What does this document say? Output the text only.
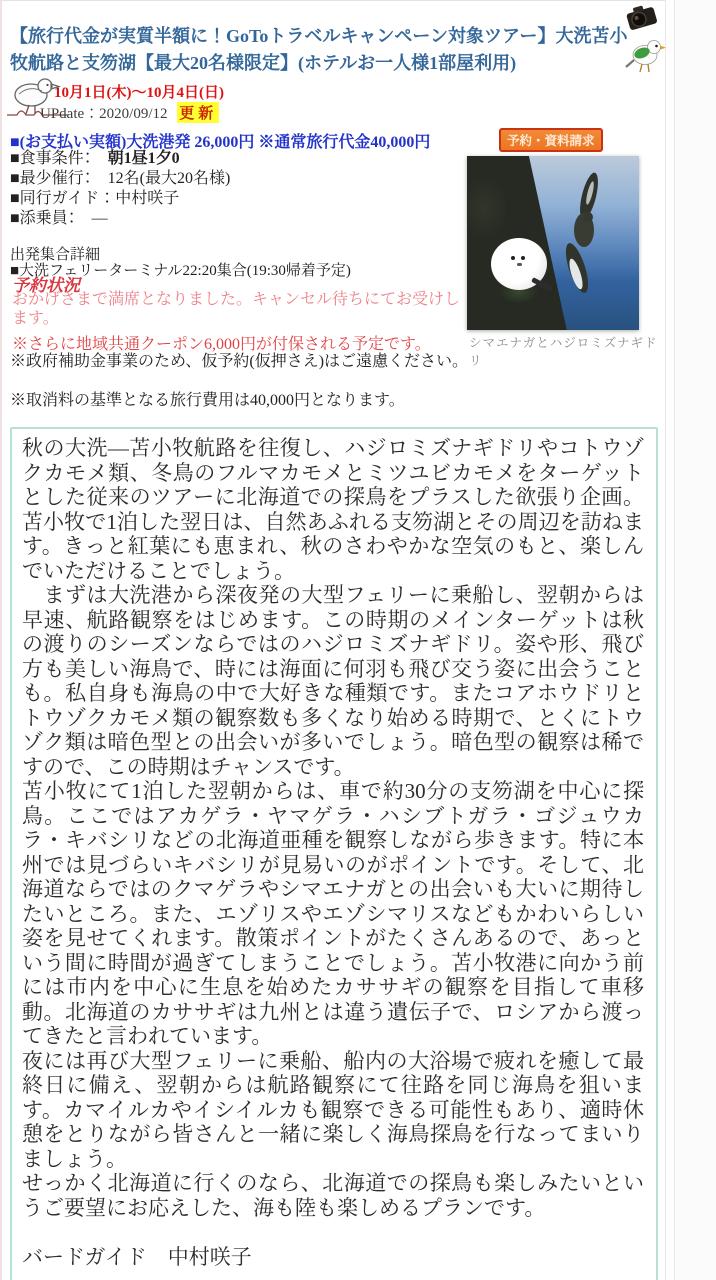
【旅行代金が実質半額に！GoToトラベルキャンペーン対象ツアー】大洗苫小牧航路と支笏湖【最大20名様限定】(ホテルお一人様1部屋利用)
10月1日(木)～10月4日(日)
UPdate：2020/09/12 更新
■(お支払い実額)大洗港発 26,000円 ※通常旅行代金40,000円
■食事条件：　朝1昼1夕0
■最少催行：　12名(最大20名様)
■同行ガイド：中村咲子
■添乗員：　―
出発集合詳細
■大洗フェリーターミナル22:20集合(19:30帰着予定)
予約状況
おかげさまで満席となりました。キャンセル待ちにてお受けします。
※さらに地域共通クーポン6,000円が付保される予定です。
※政府補助金事業のため、仮予約(仮押さえ)はご遠慮ください。
※取消料の基準となる旅行費用は40,000円となります。
予約・資料請求
シマエナガとハジロミズナギドリ

秋の大洗—苫小牧航路を往復し、ハジロミズナギドリやコトウゾクカモメ類、冬鳥のフルマカモメとミツユビカモメをターゲットとした従来のツアーに北海道での探鳥をプラスした欲張り企画。苫小牧で1泊した翌日は、自然あふれる支笏湖とその周辺を訪ねます。きっと紅葉にも恵まれ、秋のさわやかな空気のもと、楽しんでいただけることでしょう。

　まずは大洗港から深夜発の大型フェリーに乗船し、翌朝からは早速、航路観察をはじめます。この時期のメインターゲットは秋の渡りのシーズンならではのハジロミズナギドリ。姿や形、飛び方も美しい海鳥で、時には海面に何羽も飛び交う姿に出会うことも。私自身も海鳥の中で大好きな種類です。またコアホウドリとトウゾクカモメ類の観察数も多くなり始める時期で、とくにトウゾク類は暗色型との出会いが多いでしょう。暗色型の観察は稀ですので、この時期はチャンスです。

苫小牧にて1泊した翌朝からは、車で約30分の支笏湖を中心に探鳥。ここではアカゲラ・ヤマゲラ・ハシブトガラ・ゴジュウカラ・キバシリなどの北海道亜種を観察しながら歩きます。特に本州では見づらいキバシリが見易いのがポイントです。そして、北海道ならではのクマゲラやシマエナガとの出会いも大いに期待したいところ。また、エゾリスやエゾシマリスなどもかわいらしい姿を見せてくれます。散策ポイントがたくさんあるので、あっという間に時間が過ぎてしまうことでしょう。苫小牧港に向かう前には市内を中心に生息を始めたカササギの観察を目指して車移動。北海道のカササギは九州とは違う遺伝子で、ロシアから渡ってきたと言われています。

夜には再び大型フェリーに乗船、船内の大浴場で疲れを癒して最終日に備え、翌朝からは航路観察にて往路を同じ海鳥を狙います。カマイルカやイシイルカも観察できる可能性もあり、適時休憩をとりながら皆さんと一緒に楽しく海鳥探鳥を行なってまいりましょう。

せっかく北海道に行くのなら、北海道での探鳥も楽しみたいというご要望にお応えした、海も陸も楽しめるプランです。

バードガイド　中村咲子
